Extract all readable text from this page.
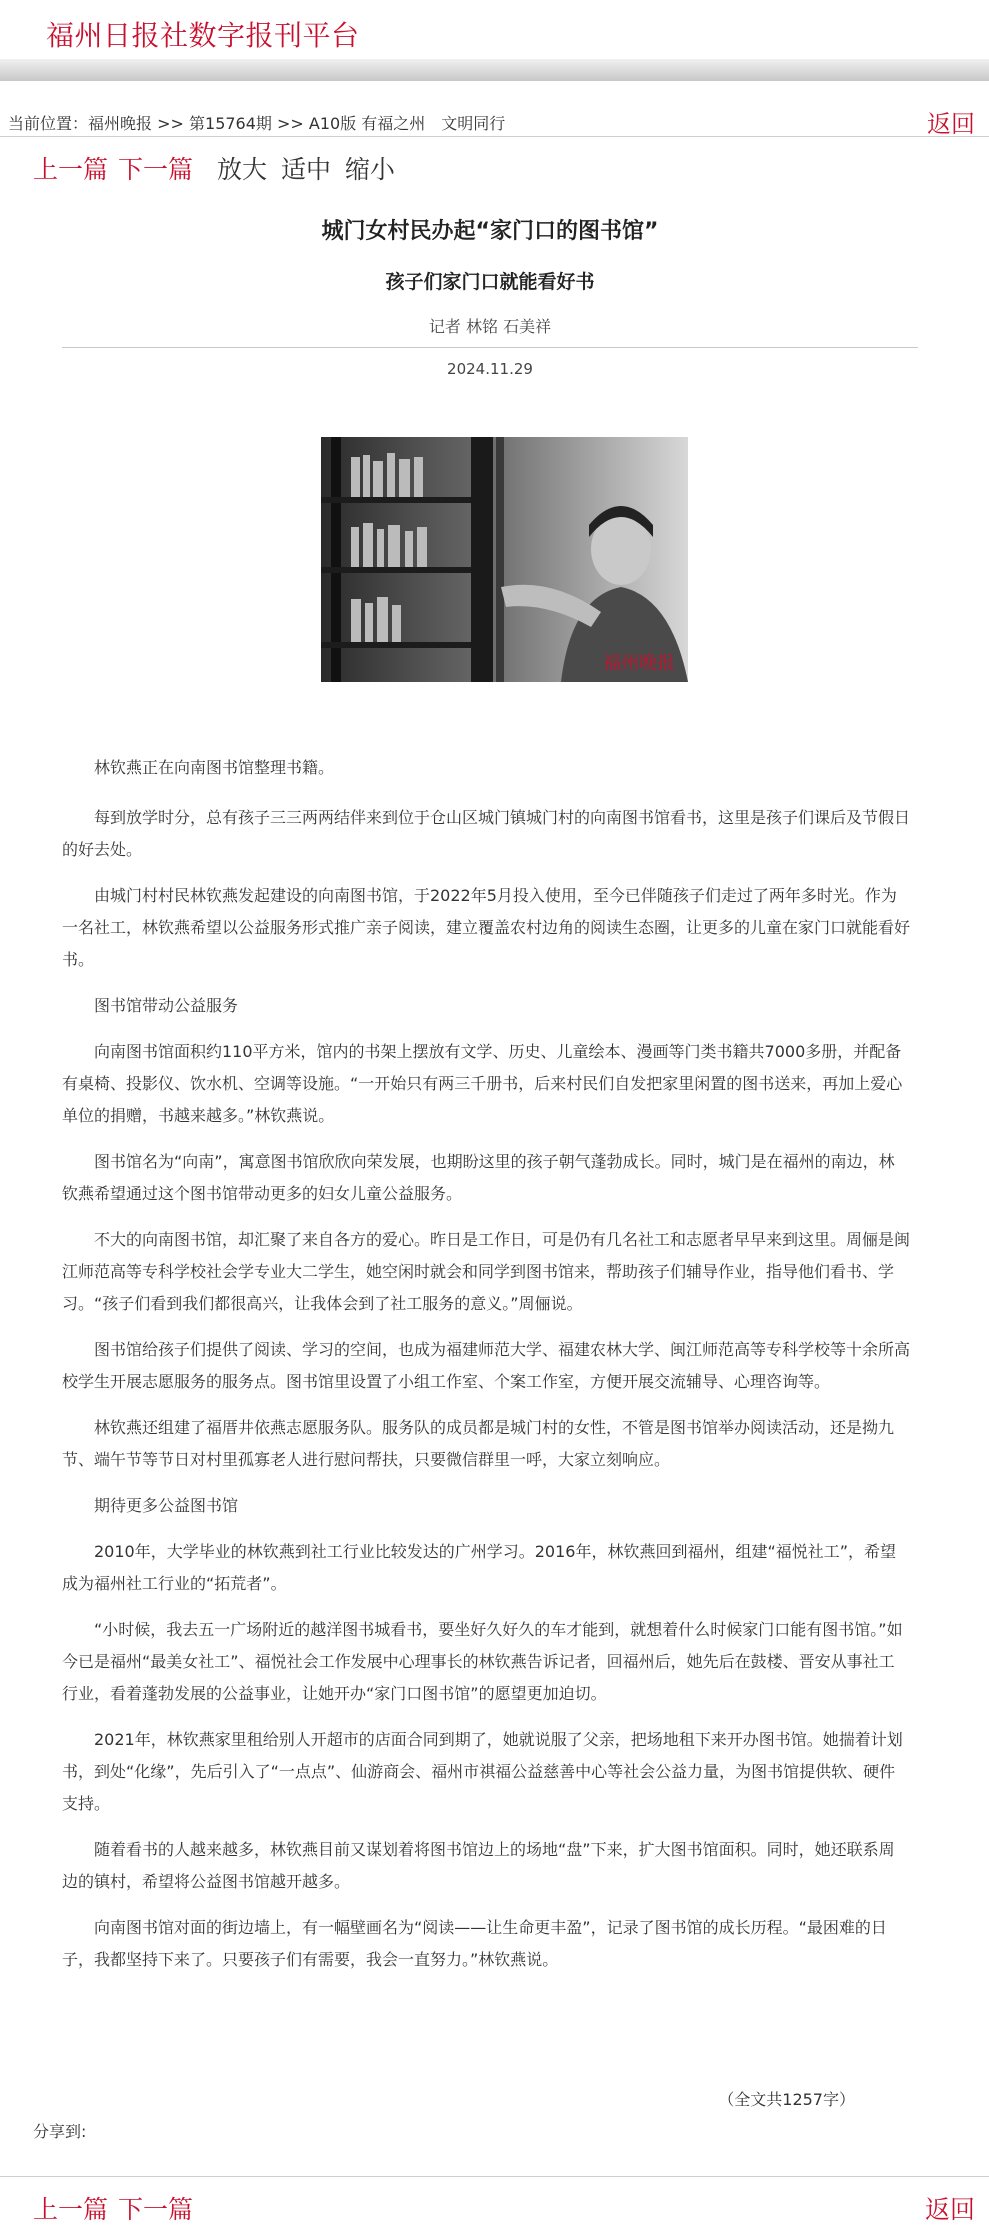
福州日报社数字报刊平台
当前位置：福州晚报 >> 第15764期 >> A10版 有福之州　文明同行	返回
上一篇 下一篇 放大 适中 缩小
城门女村民办起“家门口的图书馆”
孩子们家门口就能看好书
记者 林铭 石美祥
2024.11.29
福州晚报

林钦燕正在向南图书馆整理书籍。

每到放学时分，总有孩子三三两两结伴来到位于仓山区城门镇城门村的向南图书馆看书，这里是孩子们课后及节假日的好去处。

由城门村村民林钦燕发起建设的向南图书馆，于2022年5月投入使用，至今已伴随孩子们走过了两年多时光。作为一名社工，林钦燕希望以公益服务形式推广亲子阅读，建立覆盖农村边角的阅读生态圈，让更多的儿童在家门口就能看好书。

图书馆带动公益服务

向南图书馆面积约110平方米，馆内的书架上摆放有文学、历史、儿童绘本、漫画等门类书籍共7000多册，并配备有桌椅、投影仪、饮水机、空调等设施。“一开始只有两三千册书，后来村民们自发把家里闲置的图书送来，再加上爱心单位的捐赠，书越来越多。”林钦燕说。

图书馆名为“向南”，寓意图书馆欣欣向荣发展，也期盼这里的孩子朝气蓬勃成长。同时，城门是在福州的南边，林钦燕希望通过这个图书馆带动更多的妇女儿童公益服务。

不大的向南图书馆，却汇聚了来自各方的爱心。昨日是工作日，可是仍有几名社工和志愿者早早来到这里。周俪是闽江师范高等专科学校社会学专业大二学生，她空闲时就会和同学到图书馆来，帮助孩子们辅导作业，指导他们看书、学习。“孩子们看到我们都很高兴，让我体会到了社工服务的意义。”周俪说。

图书馆给孩子们提供了阅读、学习的空间，也成为福建师范大学、福建农林大学、闽江师范高等专科学校等十余所高校学生开展志愿服务的服务点。图书馆里设置了小组工作室、个案工作室，方便开展交流辅导、心理咨询等。

林钦燕还组建了福厝井依燕志愿服务队。服务队的成员都是城门村的女性，不管是图书馆举办阅读活动，还是拗九节、端午节等节日对村里孤寡老人进行慰问帮扶，只要微信群里一呼，大家立刻响应。

期待更多公益图书馆

2010年，大学毕业的林钦燕到社工行业比较发达的广州学习。2016年，林钦燕回到福州，组建“福悦社工”，希望成为福州社工行业的“拓荒者”。

“小时候，我去五一广场附近的越洋图书城看书，要坐好久好久的车才能到，就想着什么时候家门口能有图书馆。”如今已是福州“最美女社工”、福悦社会工作发展中心理事长的林钦燕告诉记者，回福州后，她先后在鼓楼、晋安从事社工行业，看着蓬勃发展的公益事业，让她开办“家门口图书馆”的愿望更加迫切。

2021年，林钦燕家里租给别人开超市的店面合同到期了，她就说服了父亲，把场地租下来开办图书馆。她揣着计划书，到处“化缘”，先后引入了“一点点”、仙游商会、福州市祺福公益慈善中心等社会公益力量，为图书馆提供软、硬件支持。

随着看书的人越来越多，林钦燕目前又谋划着将图书馆边上的场地“盘”下来，扩大图书馆面积。同时，她还联系周边的镇村，希望将公益图书馆越开越多。

向南图书馆对面的街边墙上，有一幅壁画名为“阅读——让生命更丰盈”，记录了图书馆的成长历程。“最困难的日子，我都坚持下来了。只要孩子们有需要，我会一直努力。”林钦燕说。

（全文共1257字）
分享到:
上一篇 下一篇	返回
